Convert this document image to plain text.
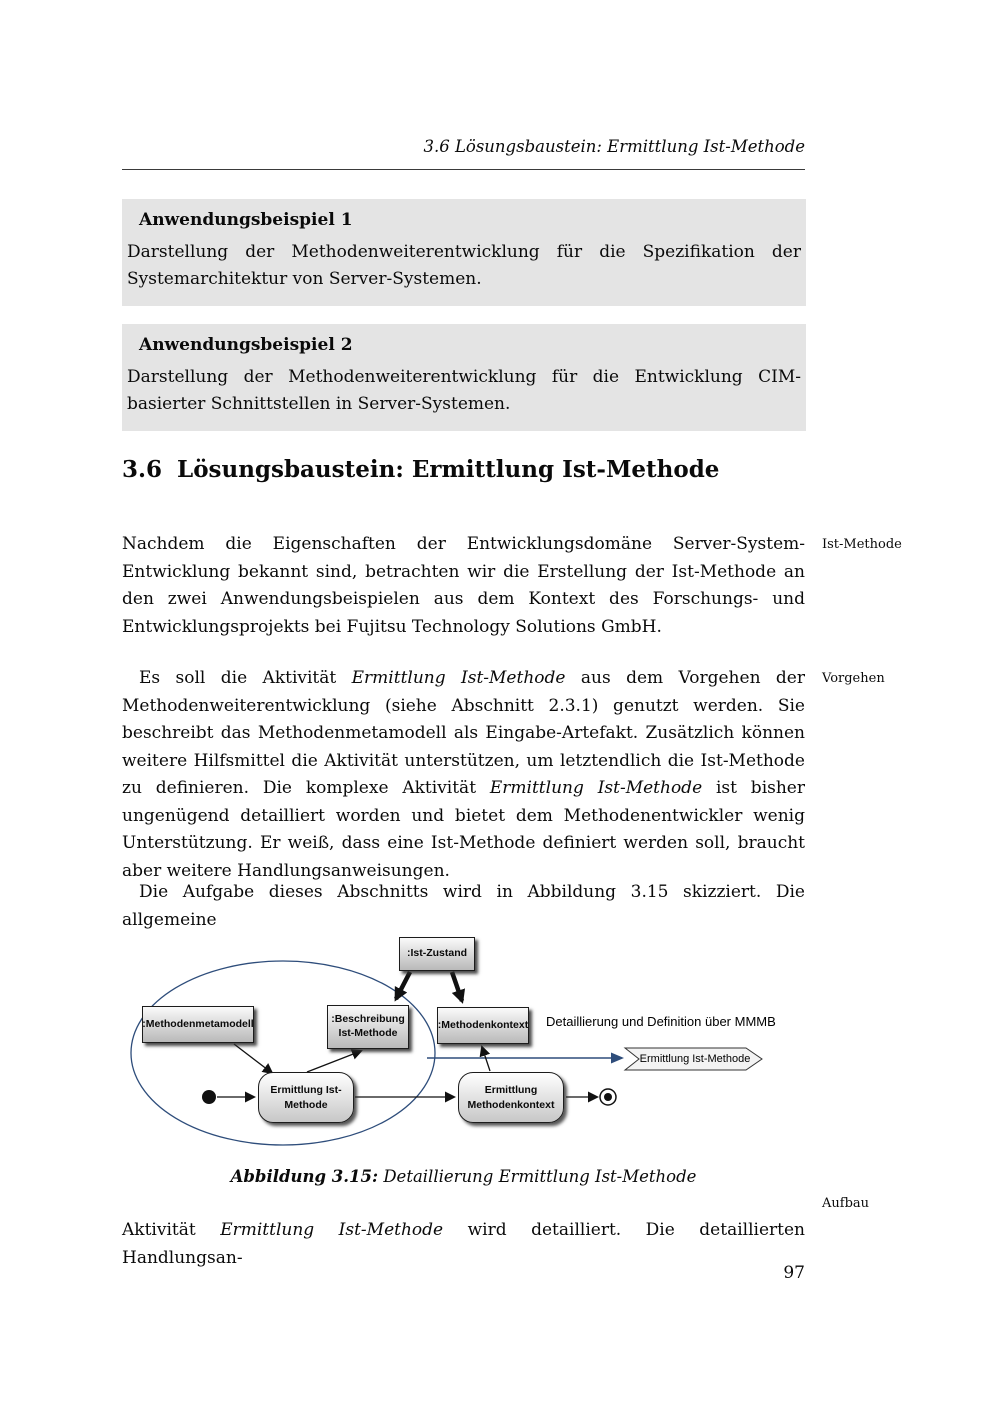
3.6 Lösungsbaustein: Ermittlung Ist-Methode
Anwendungsbeispiel 1
Darstellung der Methodenweiterentwicklung für die Spezifikation der Systemarchitektur von Server-Systemen.
Anwendungsbeispiel 2
Darstellung der Methodenweiterentwicklung für die Entwicklung CIM-basierter Schnittstellen in Server-Systemen.
3.6 Lösungsbaustein: Ermittlung Ist-Methode

Nachdem die Eigenschaften der Entwicklungsdomäne Server-System-Entwicklung bekannt sind, betrachten wir die Erstellung der Ist-Methode an den zwei Anwendungsbeispielen aus dem Kontext des Forschungs- und Entwicklungsprojekts bei Fujitsu Technology Solutions GmbH.

Ist-Methode

Es soll die Aktivität Ermittlung Ist-Methode aus dem Vorgehen der Methodenweiterentwicklung (siehe Abschnitt 2.3.1) genutzt werden. Sie beschreibt das Methodenmetamodell als Eingabe-Artefakt. Zusätzlich können weitere Hilfsmittel die Aktivität unterstützen, um letztendlich die Ist-Methode zu definieren. Die komplexe Aktivität Ermittlung Ist-Methode ist bisher ungenügend detailliert worden und bietet dem Methodenentwickler wenig Unterstützung. Er weiß, dass eine Ist-Methode definiert werden soll, braucht aber weitere Handlungsanweisungen.

Vorgehen

Die Aufgabe dieses Abschnitts wird in Abbildung 3.15 skizziert. Die allgemeine

:Ist-Zustand
:Methodenmetamodell	:Beschreibung Ist-Methode
:Methodenkontext Detaillierung und Definition über MMMB
Ermittlung Ist-Methode
Ermittlung Ist-Methode
Ermittlung Methodenkontext
Abbildung 3.15: Detaillierung Ermittlung Ist-Methode
Aufbau

Aktivität Ermittlung Ist-Methode wird detailliert. Die detaillierten Handlungsan-

97
